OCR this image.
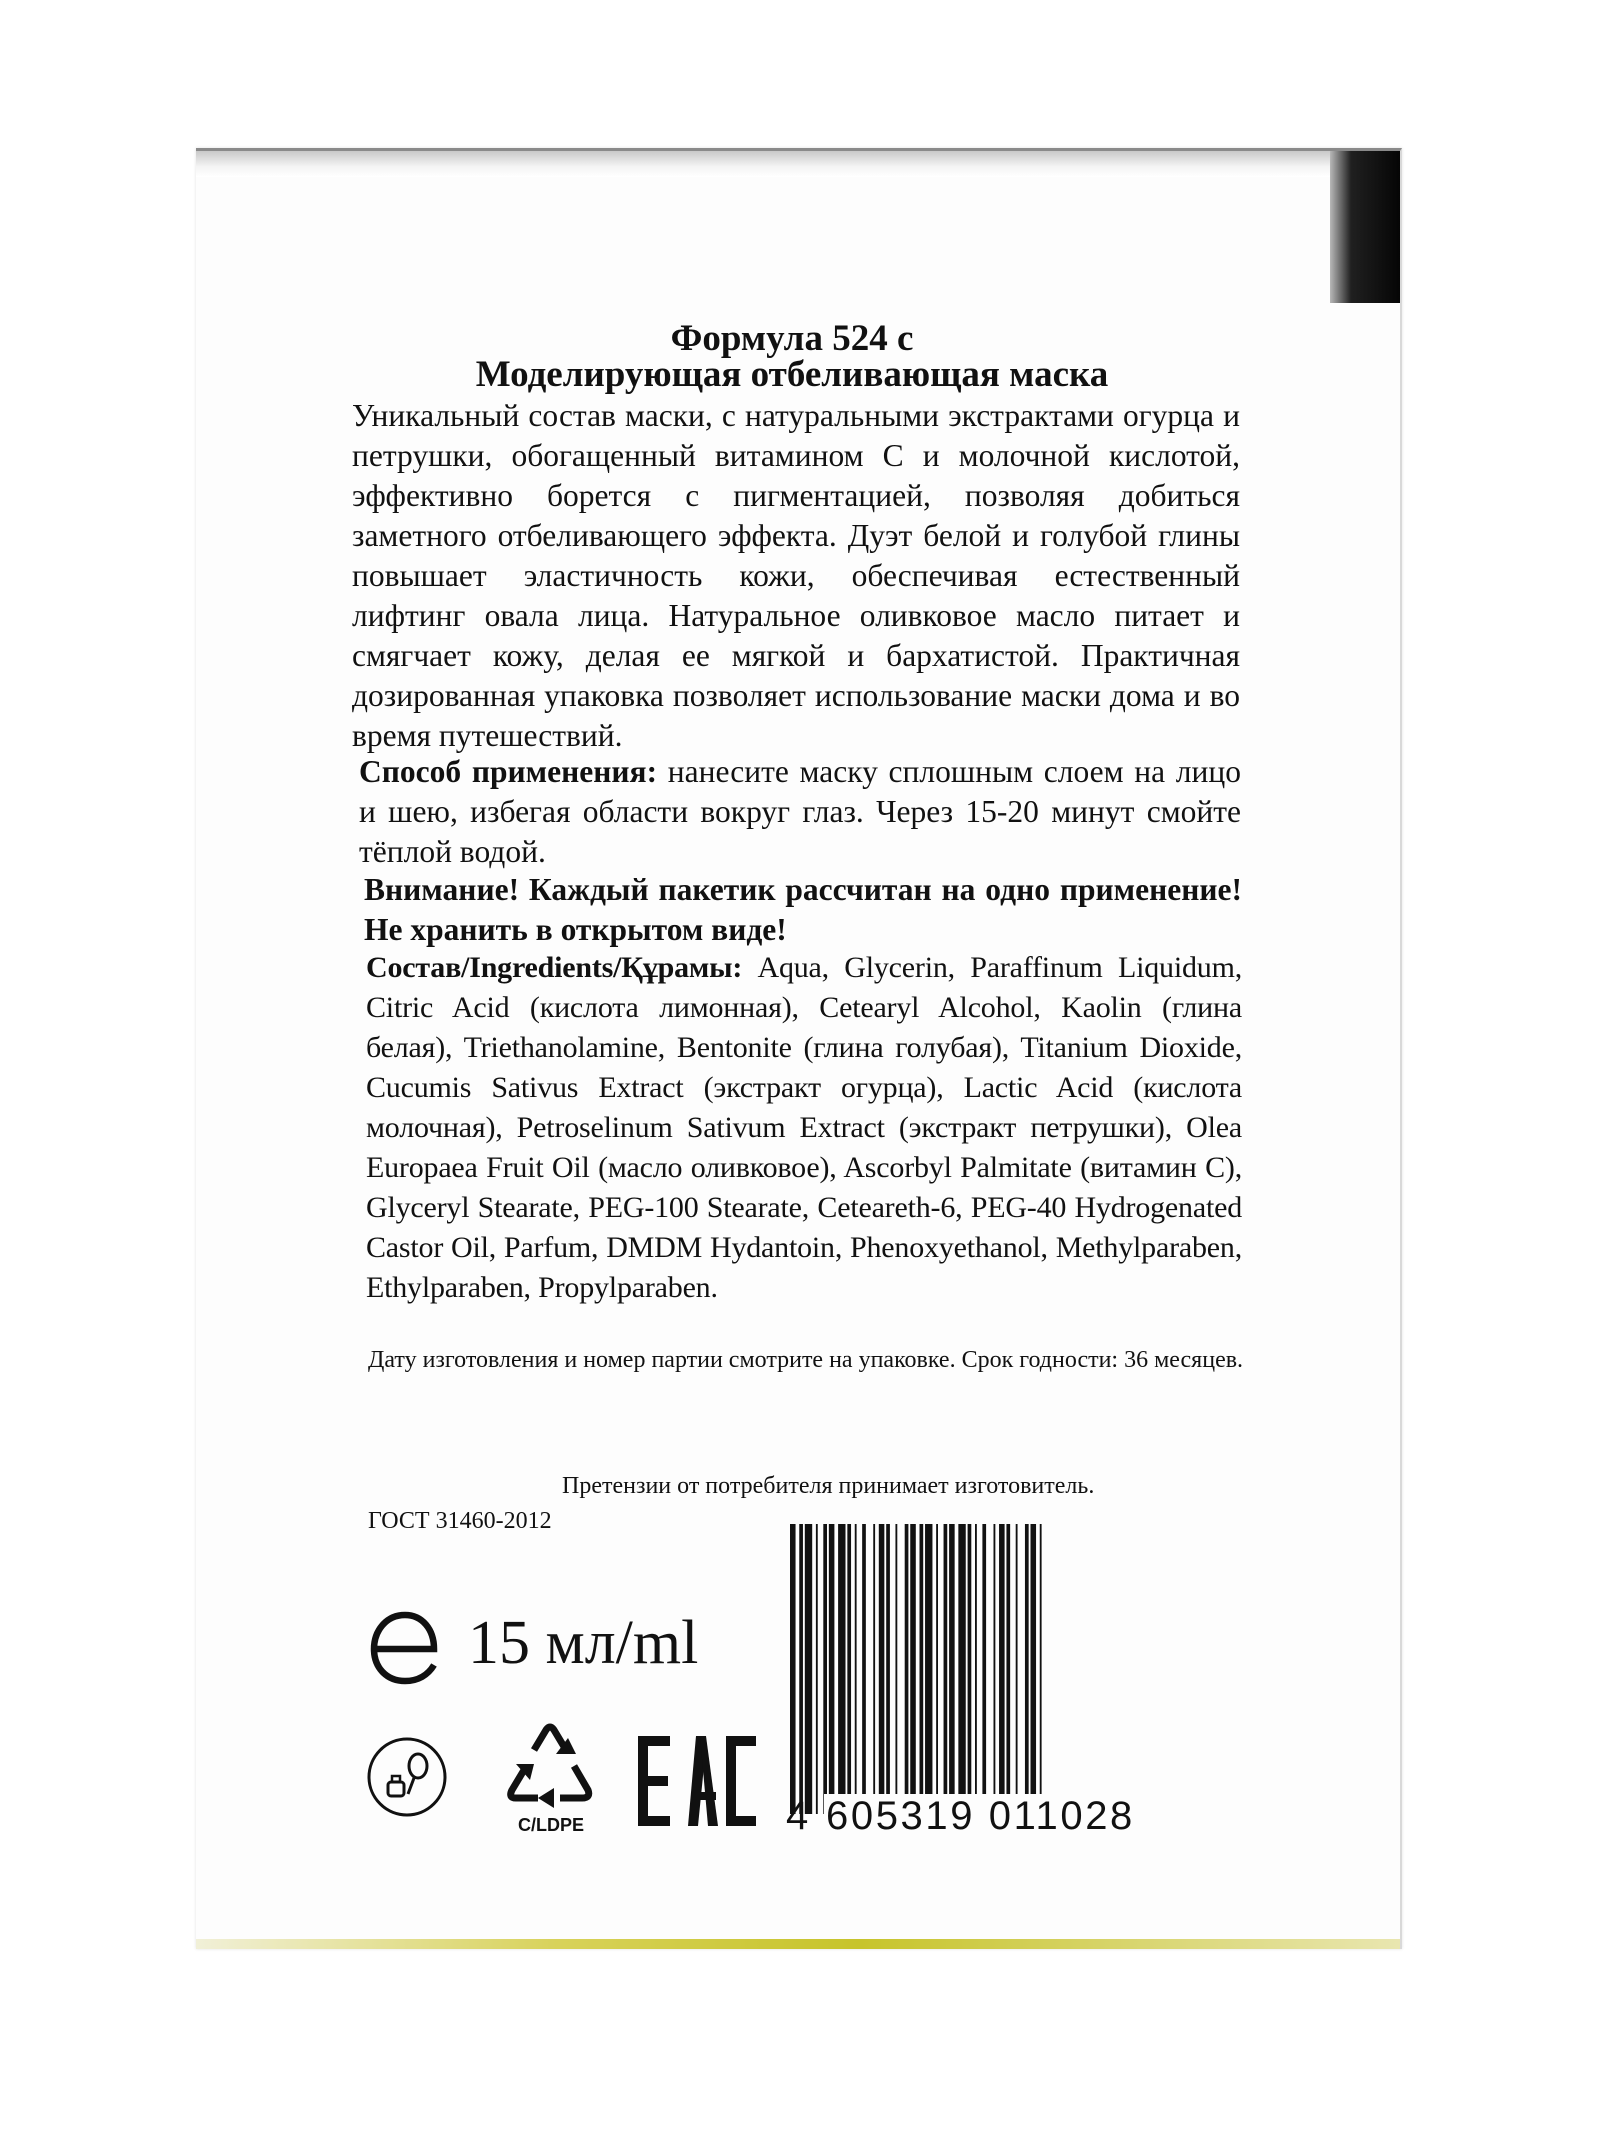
Формула 524 с
Моделирующая отбеливающая маска

Уникальный состав маски, с натуральными экстрактами огурца и петрушки, обогащенный витамином С и молочной кислотой, эффективно борется с пигментацией, позволяя добиться заметного отбеливающего эффекта. Дуэт белой и голубой глины повышает эластичность кожи, обеспечивая естественный лифтинг овала лица. Натуральное оливковое масло питает и смягчает кожу, делая ее мягкой и бархатистой. Практичная дозированная упаковка позволяет использование маски дома и во время путешествий.

Способ применения: нанесите маску сплошным слоем на лицо и шею, избегая области вокруг глаз. Через 15-20 минут смойте тёплой водой.

Внимание! Каждый пакетик рассчитан на одно применение! Не хранить в открытом виде!

Состав/Ingredients/Құрамы: Aqua, Glycerin, Paraffinum Liquidum, Citric Acid (кислота лимонная), Cetearyl Alcohol, Kaolin (глина белая), Triethanolamine, Bentonite (глина голубая), Titanium Dioxide, Cucumis Sativus Extract (экстракт огурца), Lactic Acid (кислота молочная), Petroselinum Sativum Extract (экстракт петрушки), Olea Europaea Fruit Oil (масло оливковое), Ascorbyl Palmitate (витамин С), Glyceryl Stearate, PEG-100 Stearate, Ceteareth-6, PEG-40 Hydrogenated Castor Oil, Parfum, DMDM Hydantoin, Phenoxyethanol, Methylparaben, Ethylparaben, Propylparaben.

Дату изготовления и номер партии смотрите на упаковке. Срок годности: 36 месяцев.

Претензии от потребителя принимает изготовитель.
ГОСТ 31460-2012
15 мл/ml
C/LDPE	4 605319 011028
